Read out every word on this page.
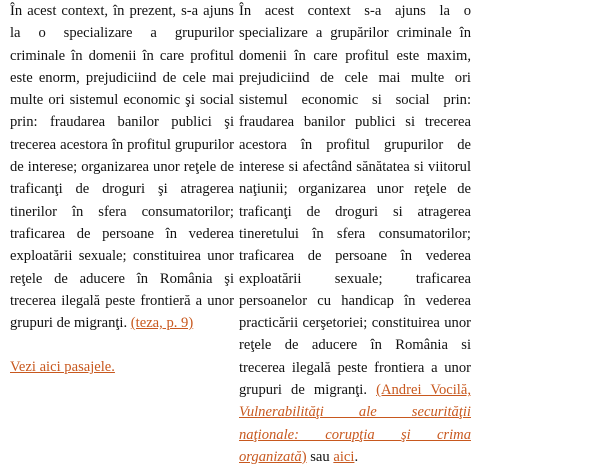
În acest context, în prezent, s-a ajuns la o specializare a grupurilor criminale în domenii în care profitul este enorm, prejudiciind de cele mai multe ori sistemul economic şi social prin: fraudarea banilor publici şi trecerea acestora în profitul grupurilor de interese; organizarea unor reţele de traficanţi de droguri şi atragerea tinerilor în sfera consumatorilor; traficarea de persoane în vederea exploatării sexuale; constituirea unor reţele de aducere în România şi trecerea ilegală peste frontieră a unor grupuri de migranţi. (teza, p. 9)

Vezi aici pasajele.

În acest context s-a ajuns la o specializare a grupărilor criminale în domenii în care profitul este maxim, prejudiciind de cele mai multe ori sistemul economic si social prin: fraudarea banilor publici si trecerea acestora în profitul grupurilor de interese si afectând sănătatea si viitorul naţiunii; organizarea unor reţele de traficanţi de droguri si atragerea tineretului în sfera consumatorilor; traficarea de persoane în vederea exploatării sexuale; traficarea persoanelor cu handicap în vederea practicării cerşetoriei; constituirea unor reţele de aducere în România si trecerea ilegală peste frontiera a unor grupuri de migranţi. (Andrei Vocilă, Vulnerabilităţi ale securităţii naţionale: corupţia şi crima organizată) sau aici.
